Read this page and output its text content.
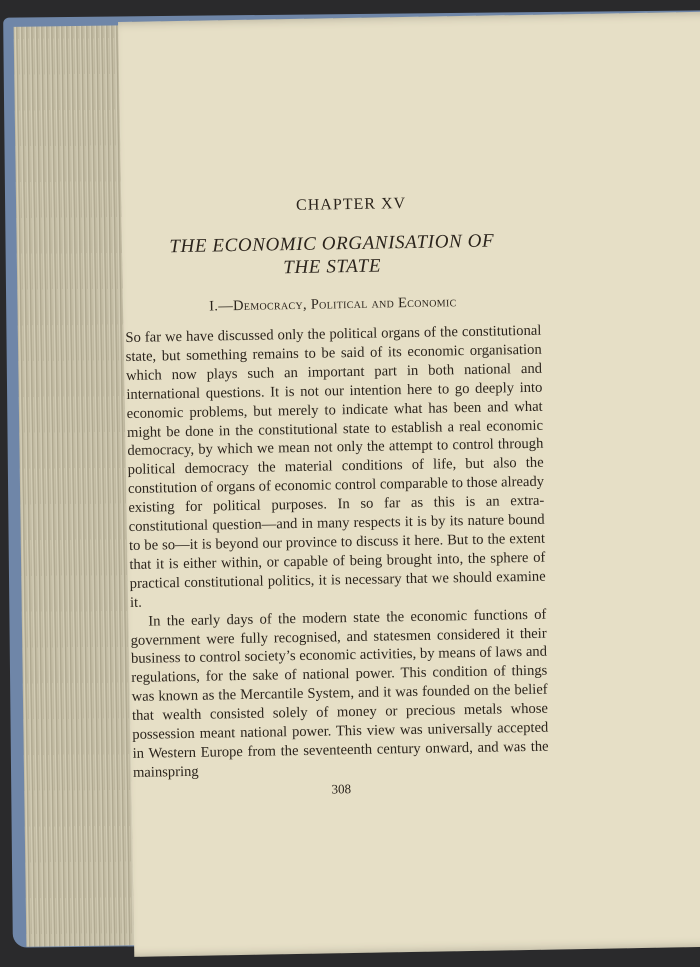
CHAPTER XV
THE ECONOMIC ORGANISATION OF
THE STATE
I.—Democracy, Political and Economic

So far we have discussed only the political organs of the constitutional state, but something remains to be said of its economic organisation which now plays such an important part in both national and international questions. It is not our intention here to go deeply into economic problems, but merely to indicate what has been and what might be done in the constitutional state to establish a real economic democracy, by which we mean not only the attempt to control through political democracy the material conditions of life, but also the constitution of organs of economic control comparable to those already existing for political purposes. In so far as this is an extra-constitutional question—and in many respects it is by its nature bound to be so—it is beyond our province to discuss it here. But to the extent that it is either within, or capable of being brought into, the sphere of practical constitutional politics, it is necessary that we should examine it.

In the early days of the modern state the economic functions of government were fully recognised, and statesmen considered it their business to control society’s economic activities, by means of laws and regulations, for the sake of national power. This condition of things was known as the Mercantile System, and it was founded on the belief that wealth consisted solely of money or precious metals whose possession meant national power. This view was universally accepted in Western Europe from the seventeenth century onward, and was the mainspring

308
